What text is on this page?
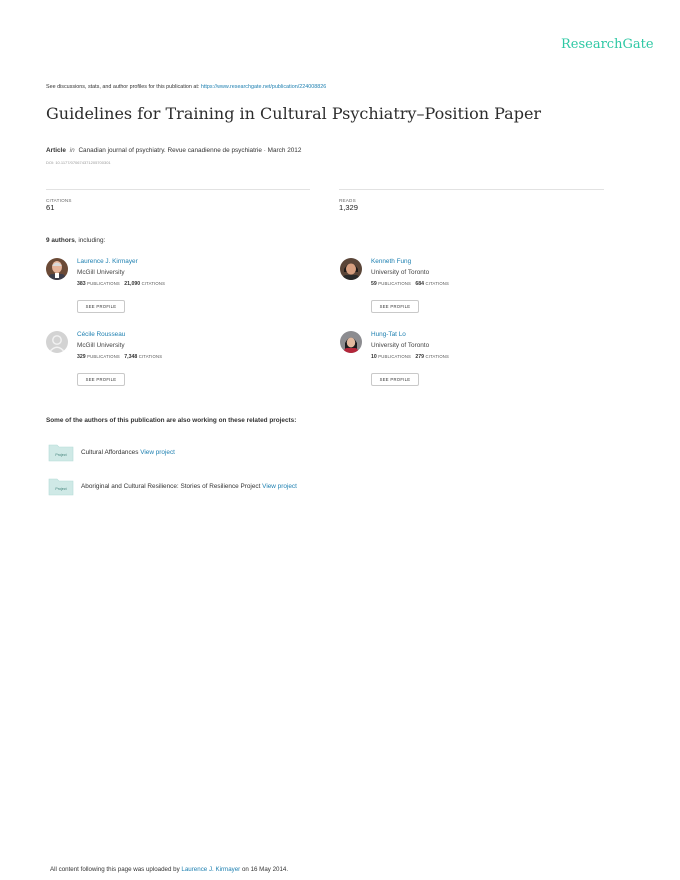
ResearchGate
See discussions, stats, and author profiles for this publication at: https://www.researchgate.net/publication/224008826
Guidelines for Training in Cultural Psychiatry–Position Paper
Article in Canadian journal of psychiatry. Revue canadienne de psychiatrie · March 2012
DOI: 10.1177/070674371205700301
CITATIONS
61
READS
1,329
9 authors, including:
Laurence J. Kirmayer
McGill University
383 PUBLICATIONS 21,090 CITATIONS
SEE PROFILE
Kenneth Fung
University of Toronto
59 PUBLICATIONS 684 CITATIONS
SEE PROFILE
Cécile Rousseau
McGill University
329 PUBLICATIONS 7,348 CITATIONS
SEE PROFILE
Hung-Tat Lo
University of Toronto
10 PUBLICATIONS 279 CITATIONS
SEE PROFILE
Some of the authors of this publication are also working on these related projects:
Project Cultural Affordances View project
Project Aboriginal and Cultural Resilience: Stories of Resilience Project View project
All content following this page was uploaded by Laurence J. Kirmayer on 16 May 2014.
